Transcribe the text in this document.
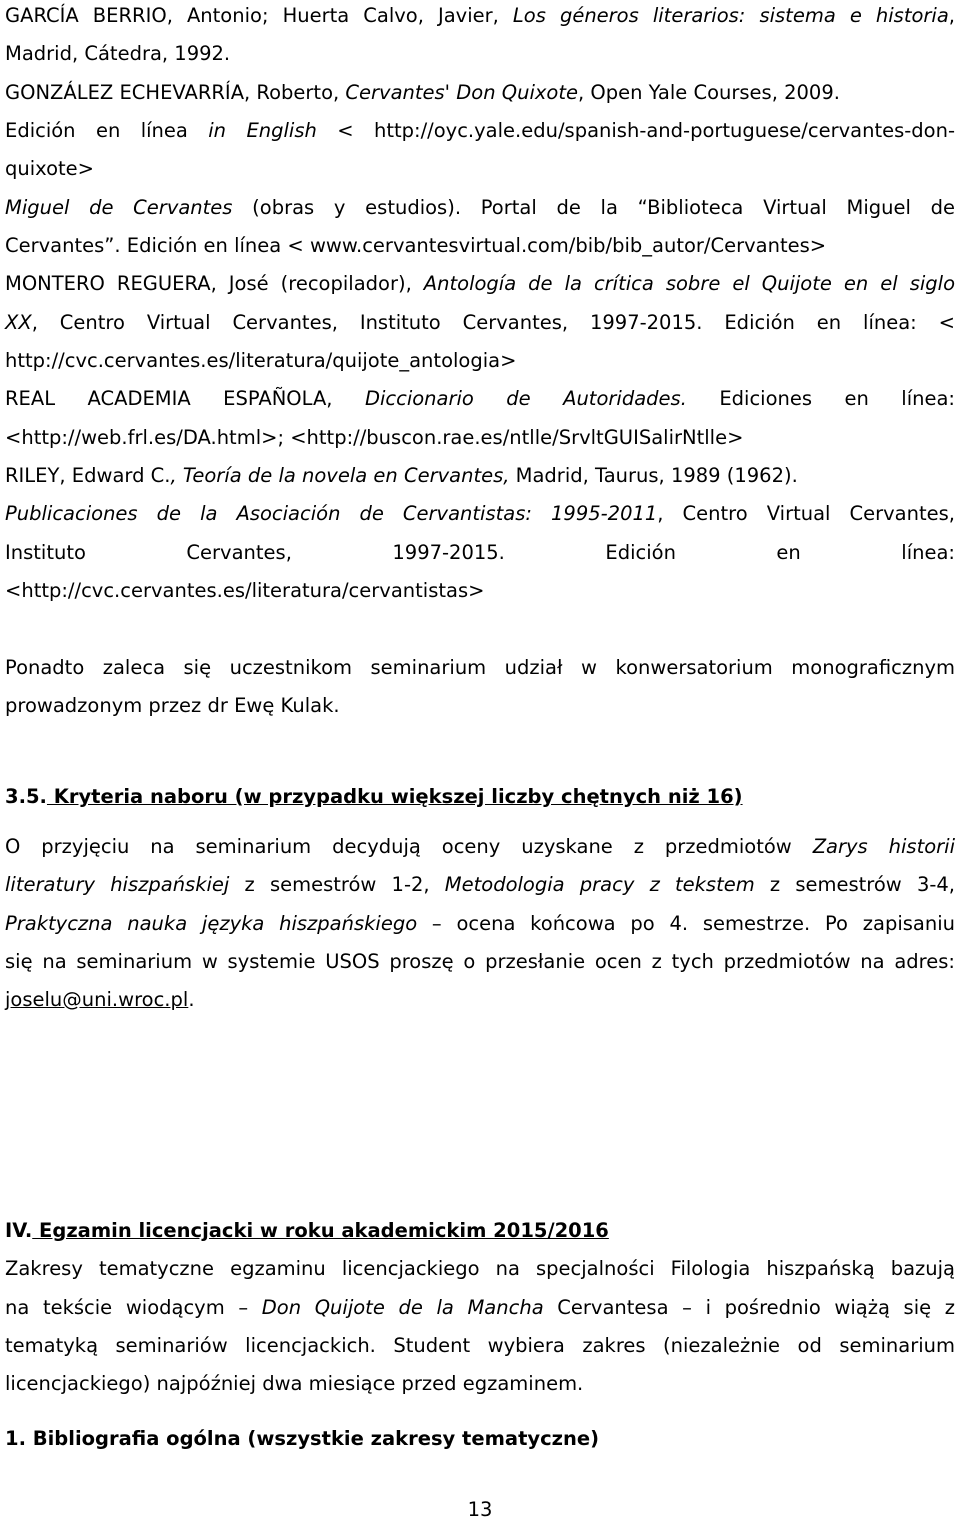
GARCÍA BERRIO, Antonio; Huerta Calvo, Javier, Los géneros literarios: sistema e historia,

Madrid, Cátedra, 1992.

GONZÁLEZ ECHEVARRÍA, Roberto, Cervantes' Don Quixote, Open Yale Courses, 2009.

Edición en línea in English < http://oyc.yale.edu/spanish-and-portuguese/cervantes-don-

quixote>

Miguel de Cervantes (obras y estudios). Portal de la “Biblioteca Virtual Miguel de

Cervantes”. Edición en línea < www.cervantesvirtual.com/bib/bib_autor/Cervantes>

MONTERO REGUERA, José (recopilador), Antología de la crítica sobre el Quijote en el siglo

XX, Centro Virtual Cervantes, Instituto Cervantes, 1997-2015. Edición en línea: <

http://cvc.cervantes.es/literatura/quijote_antologia>

REAL ACADEMIA ESPAÑOLA, Diccionario de Autoridades. Ediciones en línea:

<http://web.frl.es/DA.html>; <http://buscon.rae.es/ntlle/SrvltGUISalirNtlle>

RILEY, Edward C., Teoría de la novela en Cervantes, Madrid, Taurus, 1989 (1962).

Publicaciones de la Asociación de Cervantistas: 1995-2011, Centro Virtual Cervantes,

Instituto Cervantes, 1997-2015. Edición en línea:

<http://cvc.cervantes.es/literatura/cervantistas>

Ponadto zaleca się uczestnikom seminarium udział w konwersatorium monograficznym

prowadzonym przez dr Ewę Kulak.

3.5. Kryteria naboru (w przypadku większej liczby chętnych niż 16)

O przyjęciu na seminarium decydują oceny uzyskane z przedmiotów Zarys historii

literatury hiszpańskiej z semestrów 1-2, Metodologia pracy z tekstem z semestrów 3-4,

Praktyczna nauka języka hiszpańskiego – ocena końcowa po 4. semestrze. Po zapisaniu

się na seminarium w systemie USOS proszę o przesłanie ocen z tych przedmiotów na adres:

joselu@uni.wroc.pl.

IV. Egzamin licencjacki w roku akademickim 2015/2016

Zakresy tematyczne egzaminu licencjackiego na specjalności Filologia hiszpańską bazują

na tekście wiodącym – Don Quijote de la Mancha Cervantesa – i pośrednio wiążą się z

tematyką seminariów licencjackich. Student wybiera zakres (niezależnie od seminarium

licencjackiego) najpóźniej dwa miesiące przed egzaminem.

1. Bibliografia ogólna (wszystkie zakresy tematyczne)

13
